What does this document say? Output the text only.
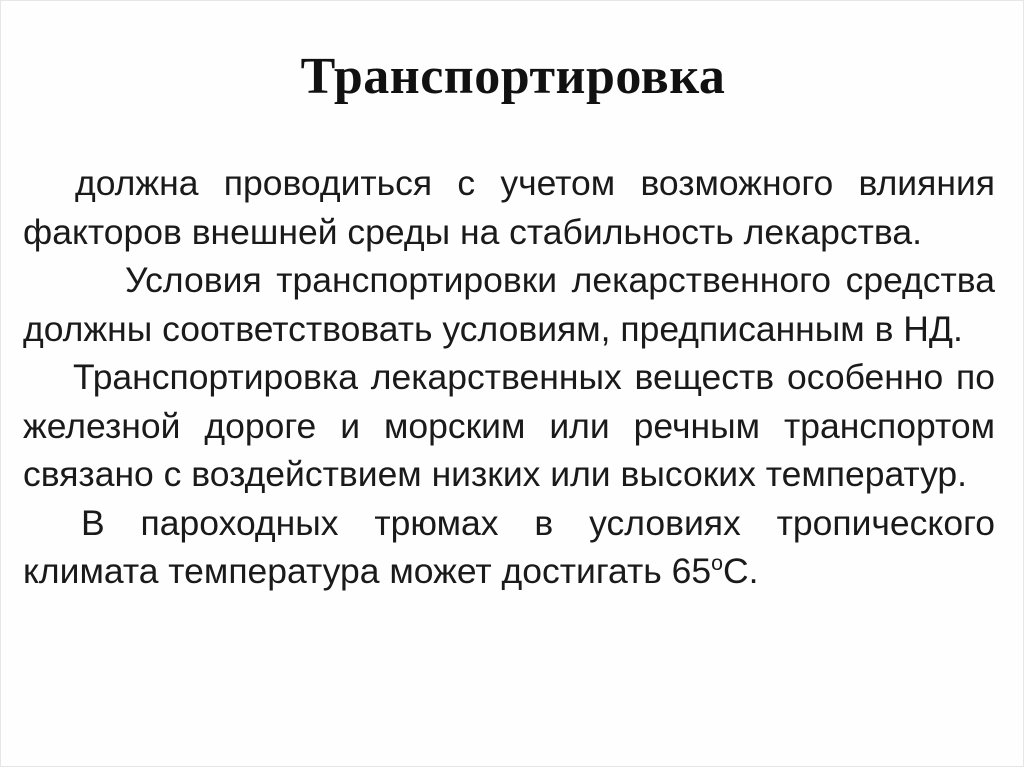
Транспортировка

должна проводиться с учетом возможного влияния факторов внешней среды на стабильность лекарства.

Условия транспортировки лекарственного средства должны соответствовать условиям, предписанным в НД.

Транспортировка лекарственных веществ особенно по железной дороге и морским или речным транспортом связано с воздействием низких или высоких температур.

В пароходных трюмах в условиях тропического климата температура может достигать 65$^o$С.
